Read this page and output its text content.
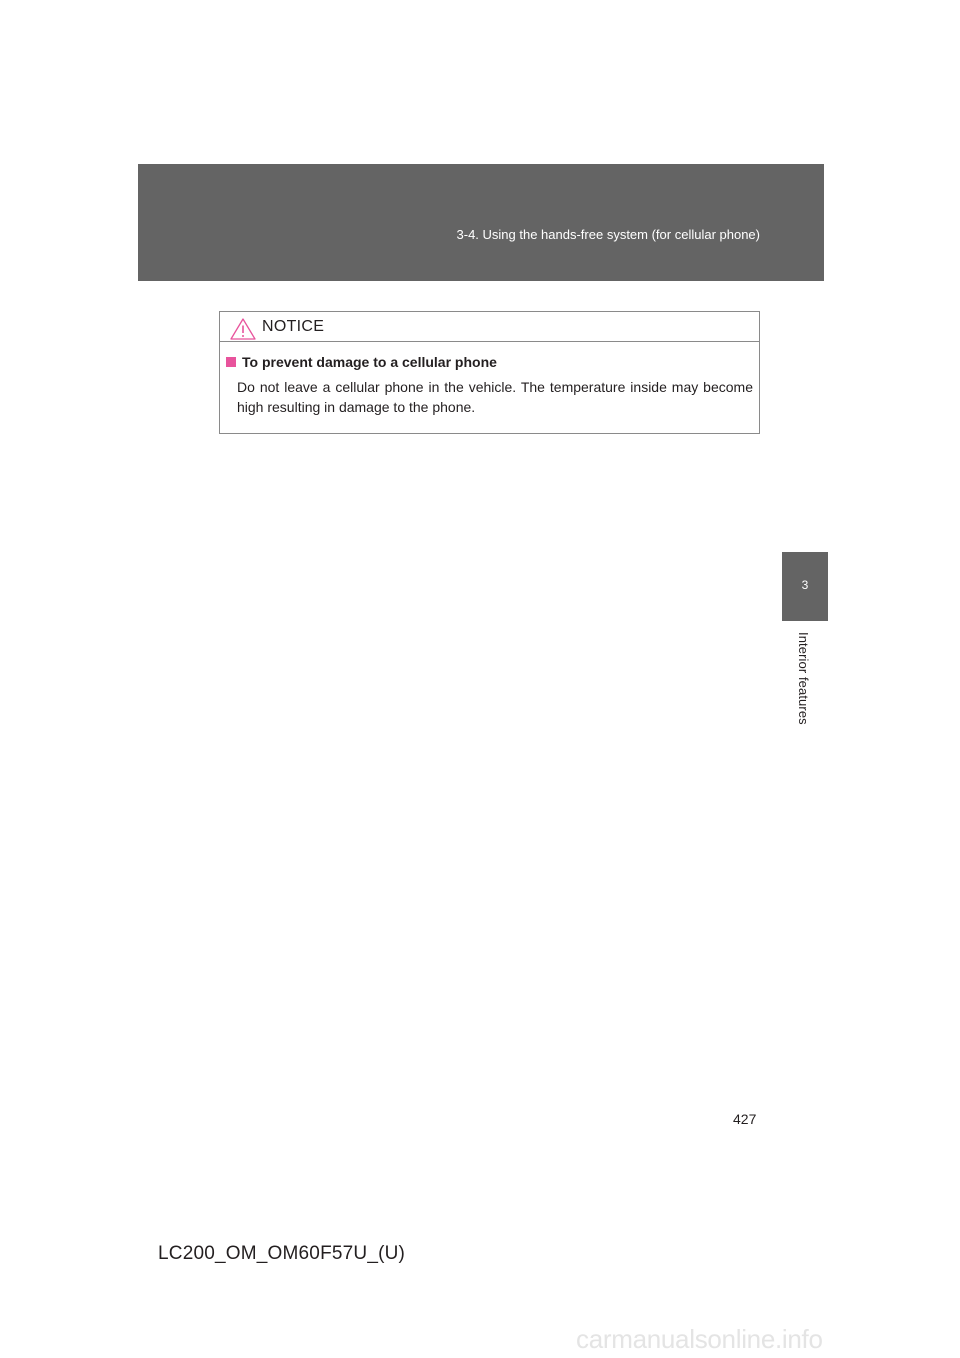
3-4. Using the hands-free system (for cellular phone)
3
Interior features
NOTICE
To prevent damage to a cellular phone
Do not leave a cellular phone in the vehicle. The temperature inside may become high resulting in damage to the phone.
427
LC200_OM_OM60F57U_(U)
carmanualsonline.info
